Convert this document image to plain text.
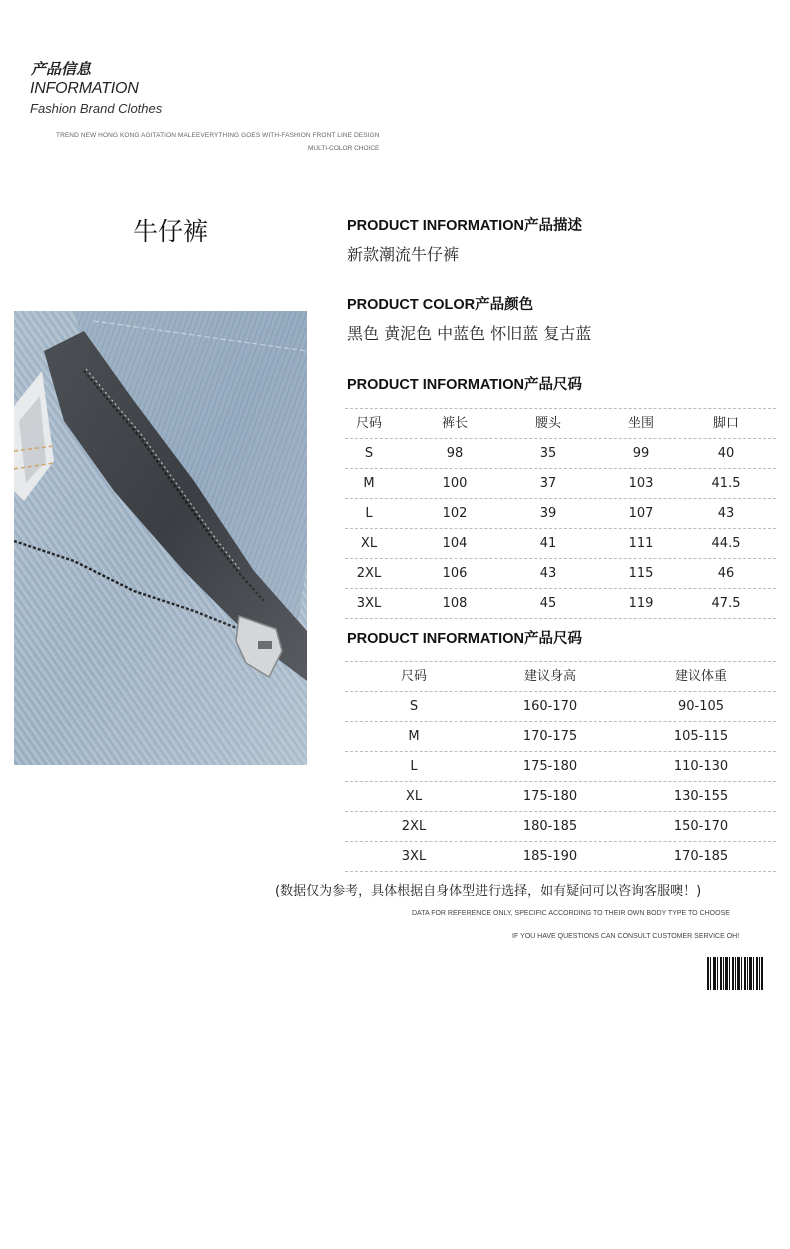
产品信息
INFORMATION
Fashion Brand Clothes
TREND NEW HONG KONG AGITATION MALEEVERYTHING GOES WITH-FASHION FRONT LINE DESIGN
MULTI-COLOR CHOICE
牛仔裤	PRODUCT INFORMATION产品描述
新款潮流牛仔裤
PRODUCT COLOR产品颜色
黑色 黄泥色 中蓝色 怀旧蓝 复古蓝
PRODUCT INFORMATION产品尺码
尺码	裤长	腰头	坐围	脚口
S	98	35	99	40
M	100	37	103	41.5
L	102	39	107	43
XL	104	41	111	44.5
2XL	106	43	115	46
3XL	108	45	119	47.5
PRODUCT INFORMATION产品尺码
尺码	建议身高	建议体重
S	160-170	90-105
M	170-175	105-115
L	175-180	110-130
XL	175-180	130-155
2XL	180-185	150-170
3XL	185-190	170-185
(数据仅为参考，具体根据自身体型进行选择，如有疑问可以咨询客服噢！)
DATA FOR REFERENCE ONLY, SPECIFIC ACCORDING TO THEIR OWN BODY TYPE TO CHOOSE
IF YOU HAVE QUESTIONS CAN CONSULT CUSTOMER SERVICE OH!
